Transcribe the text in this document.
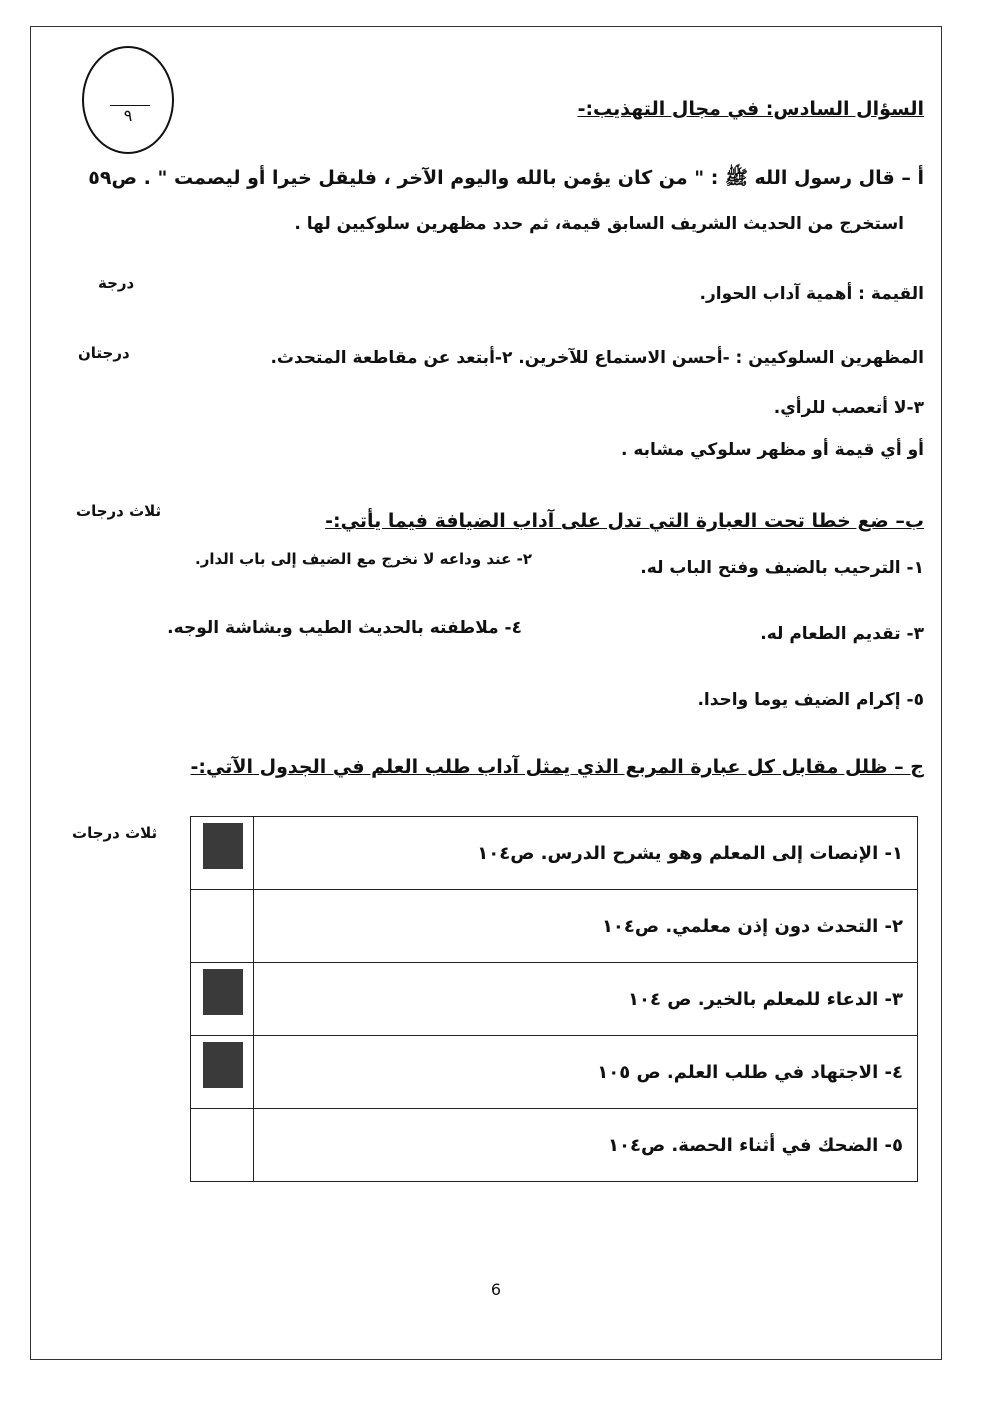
٩	السؤال السادس: في مجال التهذيب:-
أ – قال رسول الله ﷺ : " من كان يؤمن بالله واليوم الآخر ، فليقل خيرا أو ليصمت " . ص٥٩
استخرج من الحديث الشريف السابق قيمة، ثم حدد مظهرين سلوكيين لها .
القيمة : أهمية آداب الحوار.
درجة
المظهرين السلوكيين : -أحسن الاستماع للآخرين. ٢-أبتعد عن مقاطعة المتحدث.
درجتان
٣-لا أتعصب للرأي.
أو أي قيمة أو مظهر سلوكي مشابه .
ب– ضع خطا تحت العبارة التي تدل على آداب الضيافة فيما يأتي:-
ثلاث درجات
١- الترحيب بالضيف وفتح الباب له.
٢- عند وداعه لا نخرج مع الضيف إلى باب الدار.
٣- تقديم الطعام له.
٤- ملاطفته بالحديث الطيب وبشاشة الوجه.
٥- إكرام الضيف يوما واحدا.
ج – ظلل مقابل كل عبارة المربع الذي يمثل آداب طلب العلم في الجدول الآتي:-
ثلاث درجات
	١- الإنصات إلى المعلم وهو يشرح الدرس. ص١٠٤
	٢- التحدث دون إذن معلمي. ص١٠٤

	٣- الدعاء للمعلم بالخير. ص ١٠٤

	٤- الاجتهاد في طلب العلم. ص ١٠٥
	٥- الضحك في أثناء الحصة. ص١٠٤
6
